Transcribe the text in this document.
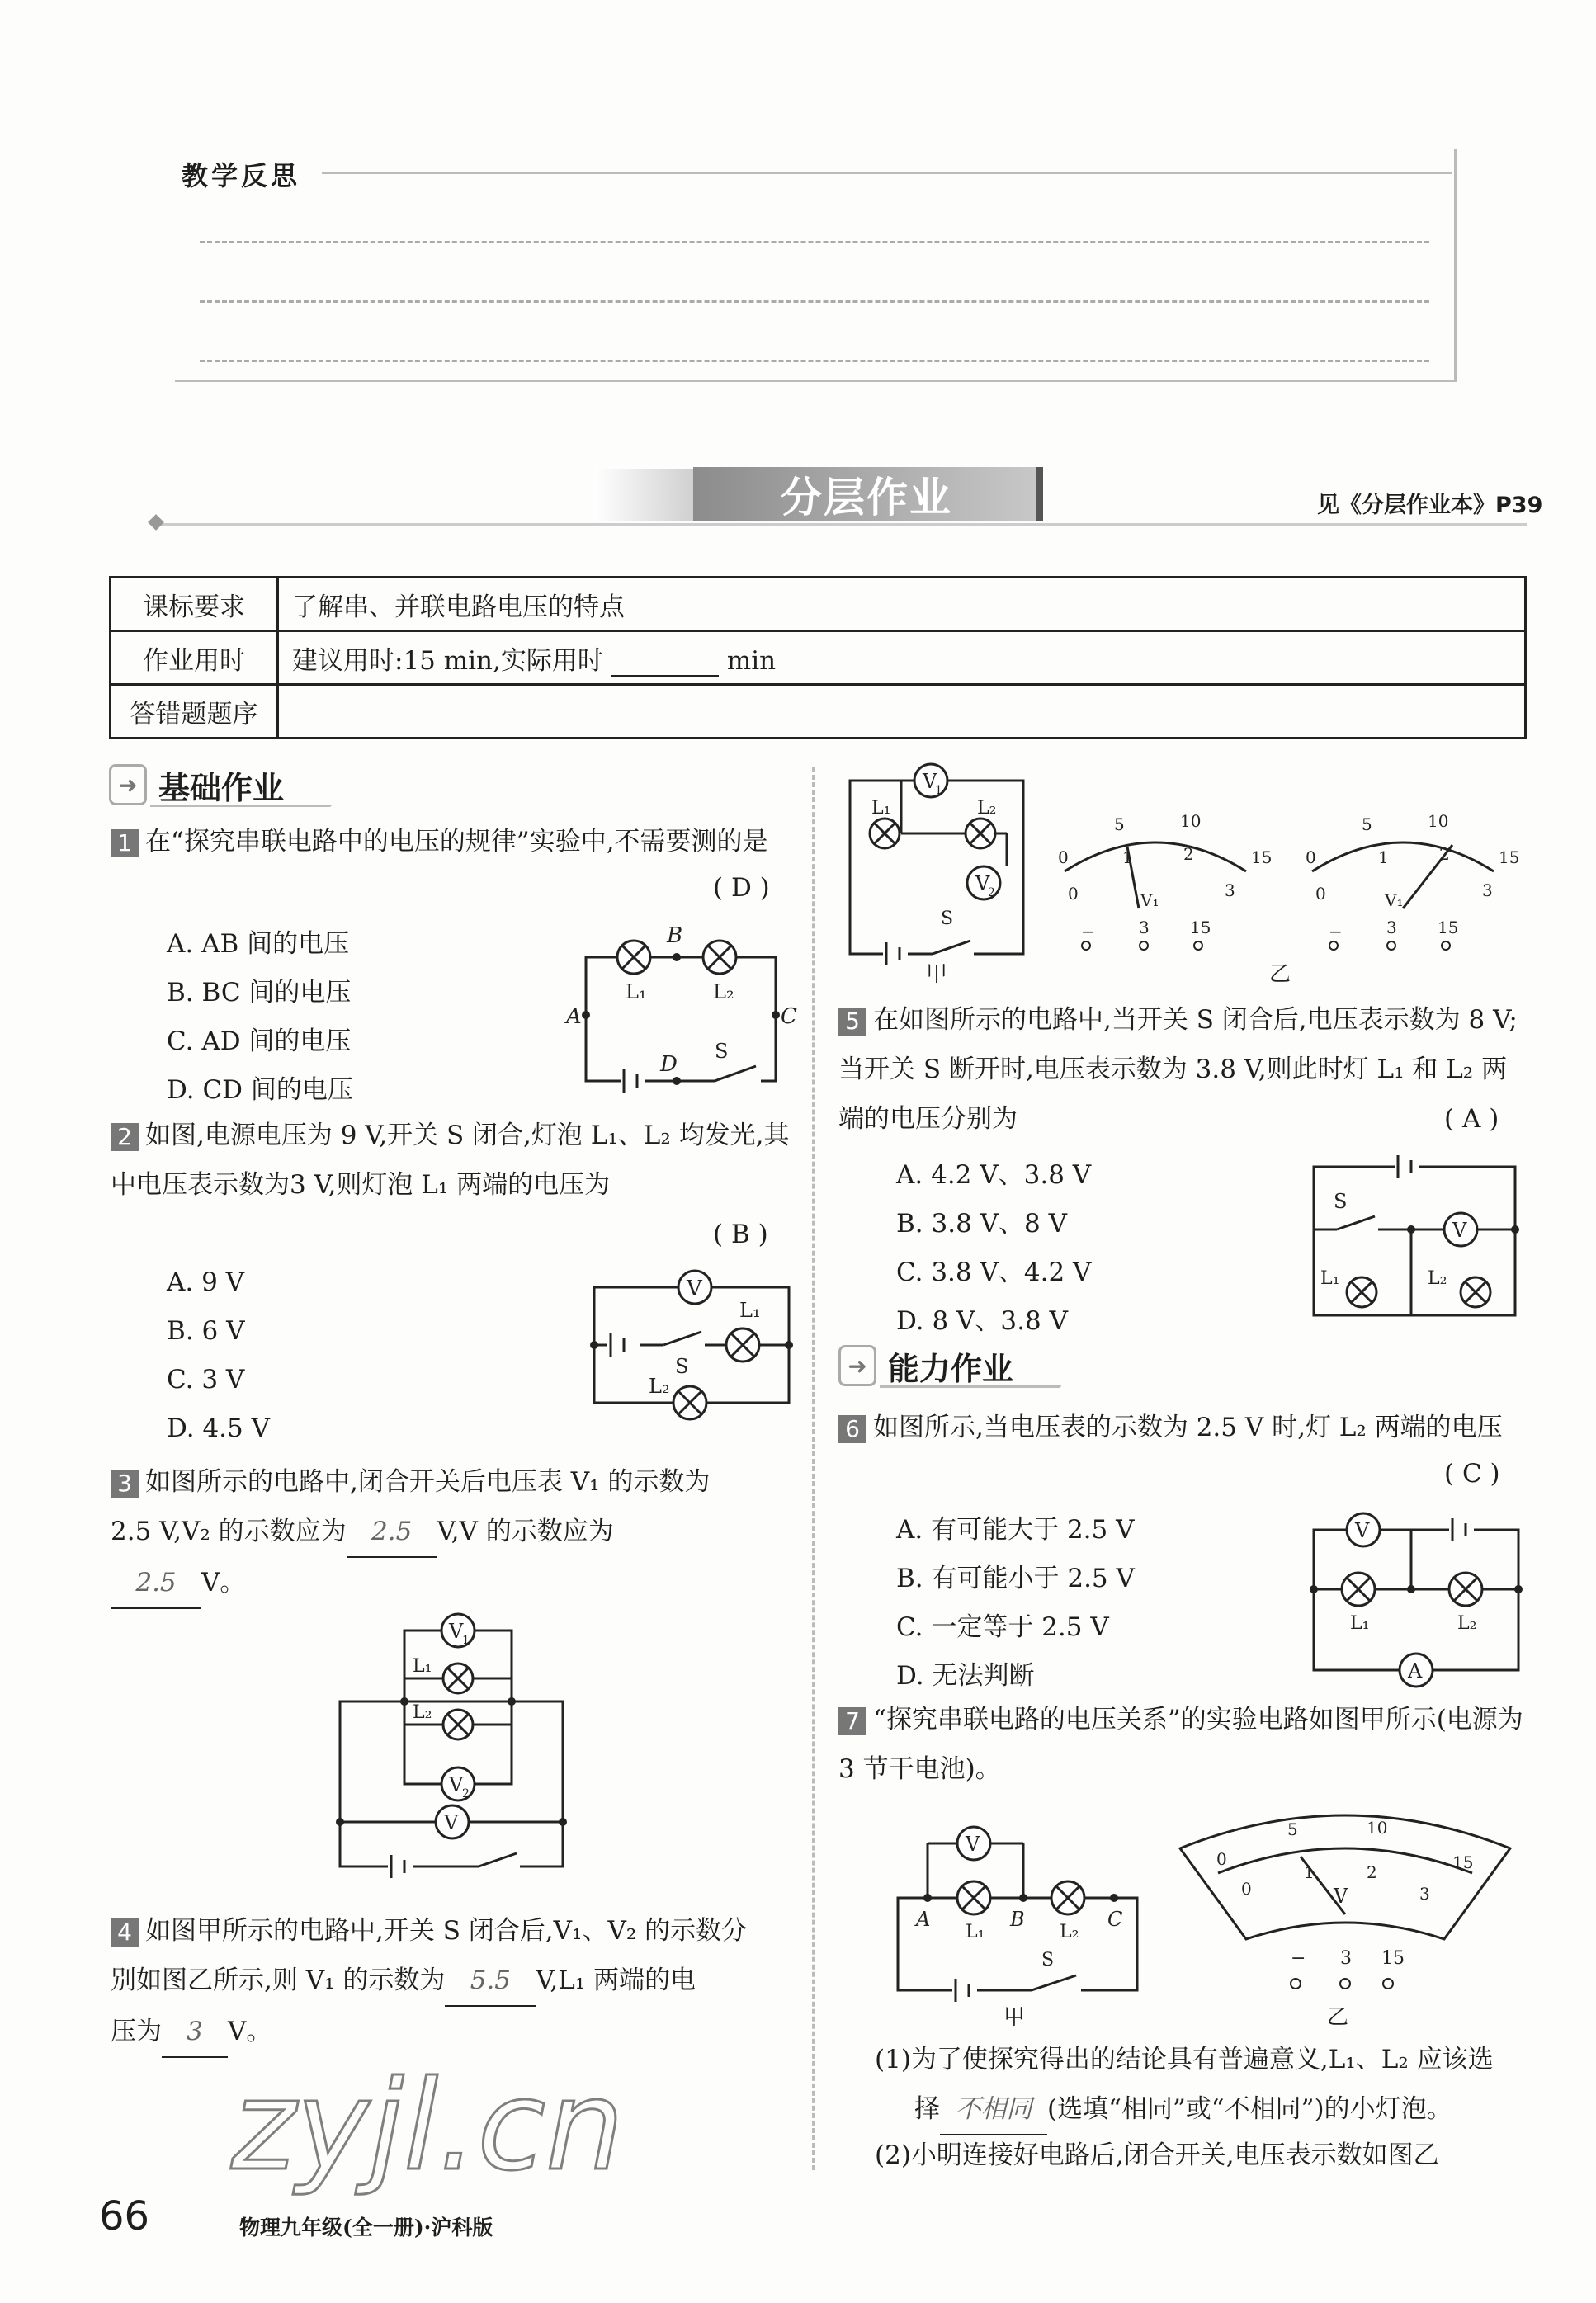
教学反思
分层作业	见《分层作业本》P39
课标要求	了解串、并联电路电压的特点
作业用时	建议用时:15 min,实际用时 min
答错题题序	
➜ 基础作业
1 在“探究串联电路中的电压的规律”实验中,不需要测的是
( D )
A. AB 间的电压
B. BC 间的电压
C. AD 间的电压
D. CD 间的电压
B
A	C
D
L₁	L₂
S
2 如图,电源电压为 9 V,开关 S 闭合,灯泡 L₁、L₂ 均发光,其中电压表示数为3 V,则灯泡 L₁ 两端的电压为
( B )
A. 9 V
B. 6 V
C. 3 V
D. 4.5 V
V
S
L₁
L₂
3 如图所示的电路中,闭合开关后电压表 V₁ 的示数为
2.5 V,V₂ 的示数应为 2.5 V,V 的示数应为
2.5 V。
V
1
L₁
L₂
V
2
V
4 如图甲所示的电路中,开关 S 闭合后,V₁、V₂ 的示数分
别如图乙所示,则 V₁ 的示数为 5.5 V,L₁ 两端的电
压为 3 V。
zyjl.cn
V
1
V
2
L₁	L₂
S
甲
0
5	10
15
0
1	2
3
V₁
−	3 15
0
5	10
15
0
1	2
3
V₁
−	3 15
乙
5 在如图所示的电路中,当开关 S 闭合后,电压表示数为 8 V;当开关 S 断开时,电压表示数为 3.8 V,则此时灯 L₁ 和 L₂ 两端的电压分别为	( A )
A. 4.2 V、3.8 V
B. 3.8 V、8 V
C. 3.8 V、4.2 V
D. 8 V、3.8 V
S
V
L₁	L₂
➜ 能力作业
6 如图所示,当电压表的示数为 2.5 V 时,灯 L₂ 两端的电压
( C )
A. 有可能大于 2.5 V
B. 有可能小于 2.5 V
C. 一定等于 2.5 V
D. 无法判断
V
L₁	L₂
A
7 “探究串联电路的电压关系”的实验电路如图甲所示(电源为 3 节干电池)。
V
A	B	C
L₁	L₂
S
甲
0
5	10
15
0
1	2
3
V
− 3 15
乙
(1)为了使探究得出的结论具有普遍意义,L₁、L₂ 应该选
择 不相同 (选填“相同”或“不相同”)的小灯泡。
(2)小明连接好电路后,闭合开关,电压表示数如图乙
66	物理九年级(全一册)·沪科版
